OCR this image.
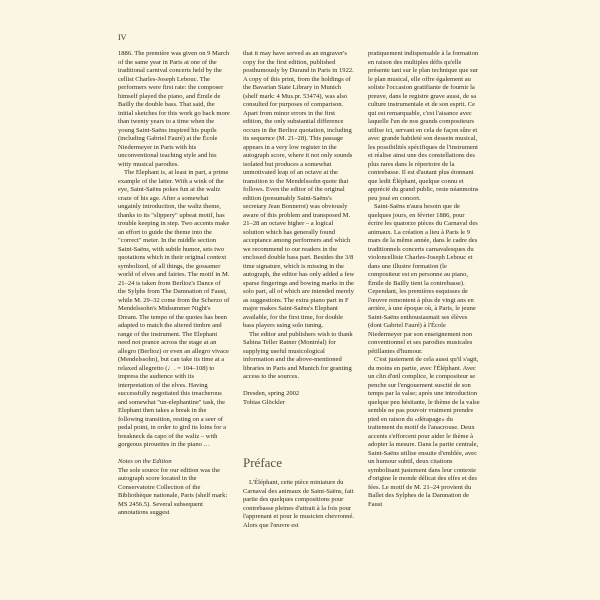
IV

1886. The première was given on 9 March of the same year in Paris at one of the traditional carnival concerts held by the cellist Charles-Joseph Lebouc. The performers were first rate: the composer himself played the piano, and Émile de Bailly the double bass. That said, the initial sketches for this work go back more than twenty years to a time when the young Saint-Saëns inspired his pupils (including Gabriel Fauré) at the École Niedermeyer in Paris with his unconventional teaching style and his witty musical parodies.

The Elephant is, at least in part, a prime example of the latter. With a wink of the eye, Saint-Saëns pokes fun at the waltz craze of his age. After a somewhat ungainly introduction, the waltz theme, thanks to its "slippery" upbeat motif, has trouble keeping in step. Two accents make an effort to guide the theme into the "correct" meter. In the middle section Saint-Saëns, with subtle humor, sets two quotations which in their original context symbolized, of all things, the gossamer world of elves and fairies. The motif in M. 21–24 is taken from Berlioz's Dance of the Sylphs from The Damnation of Faust, while M. 29–32 come from the Scherzo of Mendelssohn's Midsummer Night's Dream. The tempo of the quotes has been adapted to match the altered timbre and range of the instrument. The Elephant need not prance across the stage at an allegro (Berlioz) or even an allegro vivace (Mendelssohn), but can take its time at a relaxed allegretto (♩. = 104–108) to impress the audience with its interpretation of the elves. Having successfully negotiated this treacherous and somewhat "un-elephantine" task, the Elephant then takes a break in the following transition, resting on a seer of pedal point, in order to gird its loins for a breakneck da capo of the waltz – with gorgeous pirouettes in the piano …

Notes on the Edition

The sole source for our edition was the autograph score located in the Conservatoire Collection of the Bibliothèque nationale, Paris (shelf mark: MS 2456.5). Several subsequent annotations suggest

that it may have served as an engraver's copy for the first edition, published posthumously by Durand in Paris in 1922. A copy of this print, from the holdings of the Bavarian State Library in Munich (shelf mark: 4 Mus.pr. 53474), was also consulted for purposes of comparison. Apart from minor errors in the first edition, the only substantial difference occurs in the Berlioz quotation, including its sequence (M. 21–28). This passage appears in a very low register in the autograph score, where it not only sounds isolated but produces a somewhat unmotivated leap of an octave at the transition to the Mendelssohn quote that follows. Even the editor of the original edition (presumably Saint-Saëns's secretary Jean Bonnerot) was obviously aware of this problem and transposed M. 21–28 an octave higher – a logical solution which has generally found acceptance among performers and which we recommend to our readers in the enclosed double bass part. Besides the 3/8 time signature, which is missing in the autograph, the editor has only added a few sparse fingerings and bowing marks in the solo part, all of which are intended merely as suggestions. The extra piano part in F major makes Saint-Saëns's Elephant available, for the first time, for double bass players using solo tuning.

The editor and publishers wish to thank Sabina Teller Ratner (Montréal) for supplying useful musicological information and the above-mentioned libraries in Paris and Munich for granting access to the sources.

Dresden, spring 2002

Tobias Glöckler

Préface

L'Éléphant, cette pièce miniature du Carnaval des animaux de Saint-Saëns, fait partie des quelques compositions pour contrebasse pleines d'attrait à la fois pour l'apprenant et pour le musicien chevronné. Alors que l'œuvre est

pratiquement indispensable à la formation en raison des multiples défis qu'elle présente tant sur le plan technique que sur le plan musical, elle offre également au soliste l'occasion gratifiante de fournir la preuve, dans le registre grave aussi, de sa culture instrumentale et de son esprit. Ce qui est remarquable, c'est l'aisance avec laquelle l'un de nos grands compositeurs utilise ici, servant en cela de façon sûre et avec grande habileté son dessein musical, les possibilités spécifiques de l'instrument et réalise ainsi une des constellations des plus rares dans le répertoire de la contrebasse. Il est d'autant plus étonnant que ledit Éléphant, quelque connu et apprécié du grand public, reste néanmoins peu joué en concert.

Saint-Saëns n'aura besoin que de quelques jours, en février 1886, pour écrire les quatorze pièces du Carnaval des animaux. La création a lieu à Paris le 9 mars de la même année, dans le cadre des traditionnels concerts carnavalesques du violoncelliste Charles-Joseph Lebouc et dans une illustre formation (le compositeur est en personne au piano, Émile de Bailly tient la contrebasse). Cependant, les premières esquisses de l'œuvre remontent à plus de vingt ans en arrière, à une époque où, à Paris, le jeune Saint-Saëns enthousiasmait ses élèves (dont Gabriel Fauré) à l'École Niedermeyer par son enseignement non conventionnel et ses parodies musicales pétillantes d'humour.

C'est justement de cela aussi qu'il s'agit, du moins en partie, avec l'Éléphant. Avec un clin d'œil complice, le compositeur se penche sur l'engouement suscité de son temps par la valse; après une introduction quelque peu hésitante, le thème de la valse semble ne pas pouvoir vraiment prendre pied en raison du «dérapage» du traitement du motif de l'anacrouse. Deux accents s'efforcent pour aider le thème à adopter la mesure. Dans la partie centrale, Saint-Saëns utilise ensuite d'emblée, avec un humour subtil, deux citations symbolisant justement dans leur contexte d'origine le monde délicat des elfes et des fées. Le motif de M. 21–24 provient du Ballet des Sylphes de la Damnation de Faust
